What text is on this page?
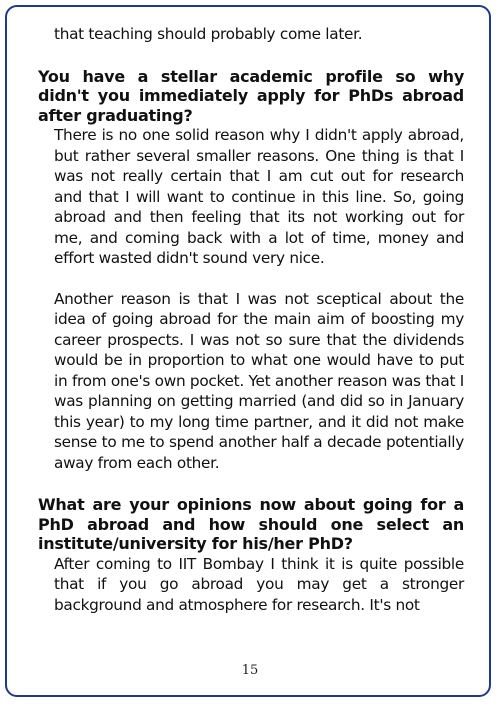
that teaching should probably come later.

You have a stellar academic profile so why didn't you immediately apply for PhDs abroad after graduating?

There is no one solid reason why I didn't apply abroad, but rather several smaller reasons. One thing is that I was not really certain that I am cut out for research and that I will want to continue in this line. So, going abroad and then feeling that its not working out for me, and coming back with a lot of time, money and effort wasted didn't sound very nice.

Another reason is that I was not sceptical about the idea of going abroad for the main aim of boosting my career prospects. I was not so sure that the dividends would be in proportion to what one would have to put in from one's own pocket. Yet another reason was that I was planning on getting married (and did so in January this year) to my long time partner, and it did not make sense to me to spend another half a decade potentially away from each other.

What are your opinions now about going for a PhD abroad and how should one select an institute/university for his/her PhD?

After coming to IIT Bombay I think it is quite possible that if you go abroad you may get a stronger background and atmosphere for research. It's not

15
